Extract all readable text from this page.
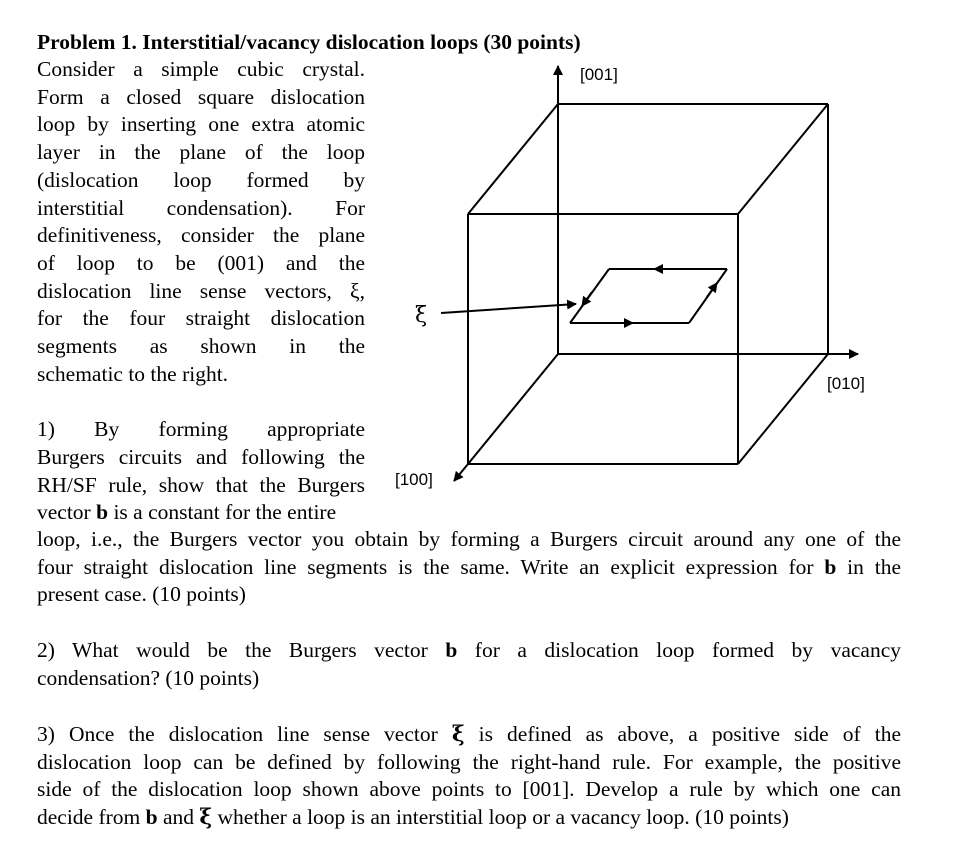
Problem 1. Interstitial/vacancy dislocation loops (30 points)
Consider a simple cubic crystal.
Form a closed square dislocation
loop by inserting one extra atomic
layer in the plane of the loop
(dislocation loop formed by
interstitial condensation). For
definitiveness, consider the plane
of loop to be (001) and the
dislocation line sense vectors, ξ,
for the four straight dislocation
segments as shown in the
schematic to the right.
1) By forming appropriate
Burgers circuits and following the
RH/SF rule, show that the Burgers
vector b is a constant for the entire
loop, i.e., the Burgers vector you obtain by forming a Burgers circuit around any one of the
four straight dislocation line segments is the same. Write an explicit expression for b in the
present case. (10 points)
2) What would be the Burgers vector b for a dislocation loop formed by vacancy
condensation? (10 points)
3) Once the dislocation line sense vector ξ is defined as above, a positive side of the
dislocation loop can be defined by following the right-hand rule. For example, the positive
side of the dislocation loop shown above points to [001]. Develop a rule by which one can
decide from b and ξ whether a loop is an interstitial loop or a vacancy loop. (10 points)
[001]
[010]
[100]
ξ
